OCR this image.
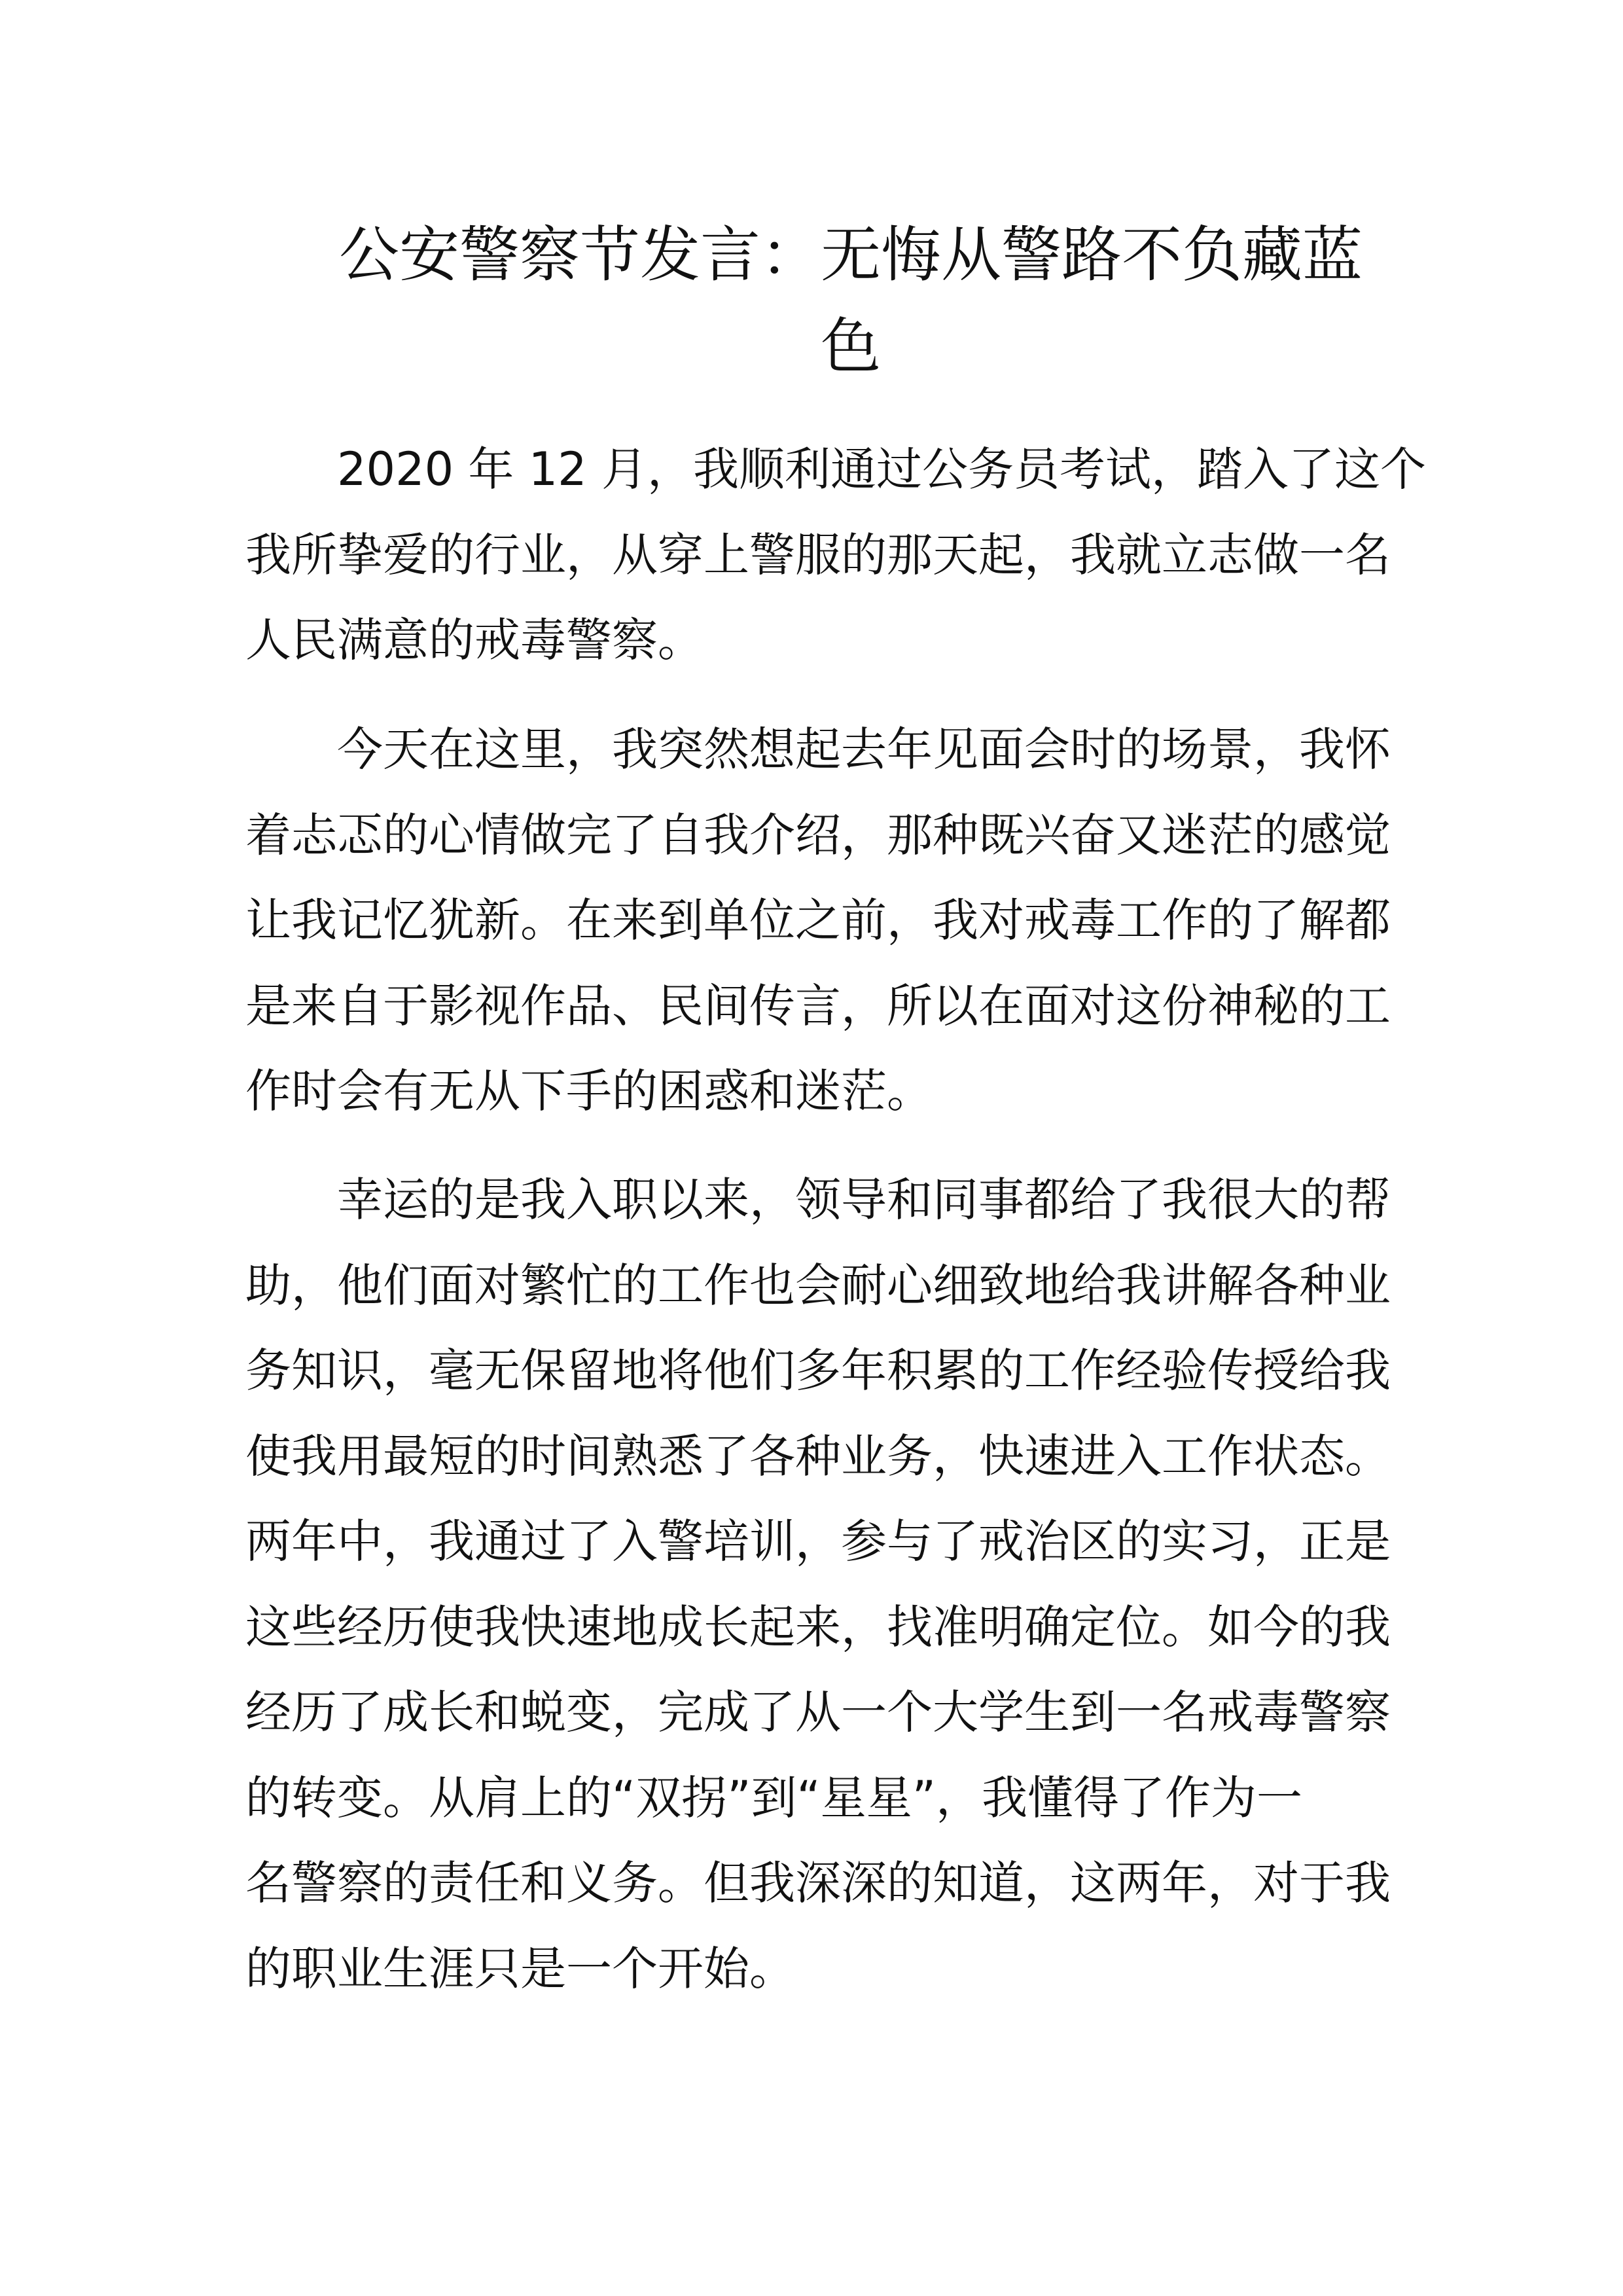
公安警察节发言：无悔从警路不负藏蓝
色
2020 年 12 月，我顺利通过公务员考试，踏入了这个
我所挚爱的行业，从穿上警服的那天起，我就立志做一名
人民满意的戒毒警察。
今天在这里，我突然想起去年见面会时的场景，我怀
着忐忑的心情做完了自我介绍，那种既兴奋又迷茫的感觉
让我记忆犹新。在来到单位之前，我对戒毒工作的了解都
是来自于影视作品、民间传言，所以在面对这份神秘的工
作时会有无从下手的困惑和迷茫。
幸运的是我入职以来，领导和同事都给了我很大的帮
助，他们面对繁忙的工作也会耐心细致地给我讲解各种业
务知识，毫无保留地将他们多年积累的工作经验传授给我
使我用最短的时间熟悉了各种业务，快速进入工作状态。
两年中，我通过了入警培训，参与了戒治区的实习，正是
这些经历使我快速地成长起来，找准明确定位。如今的我
经历了成长和蜕变，完成了从一个大学生到一名戒毒警察
的转变。从肩上的“双拐”到“星星”，我懂得了作为一
名警察的责任和义务。但我深深的知道，这两年，对于我
的职业生涯只是一个开始。
